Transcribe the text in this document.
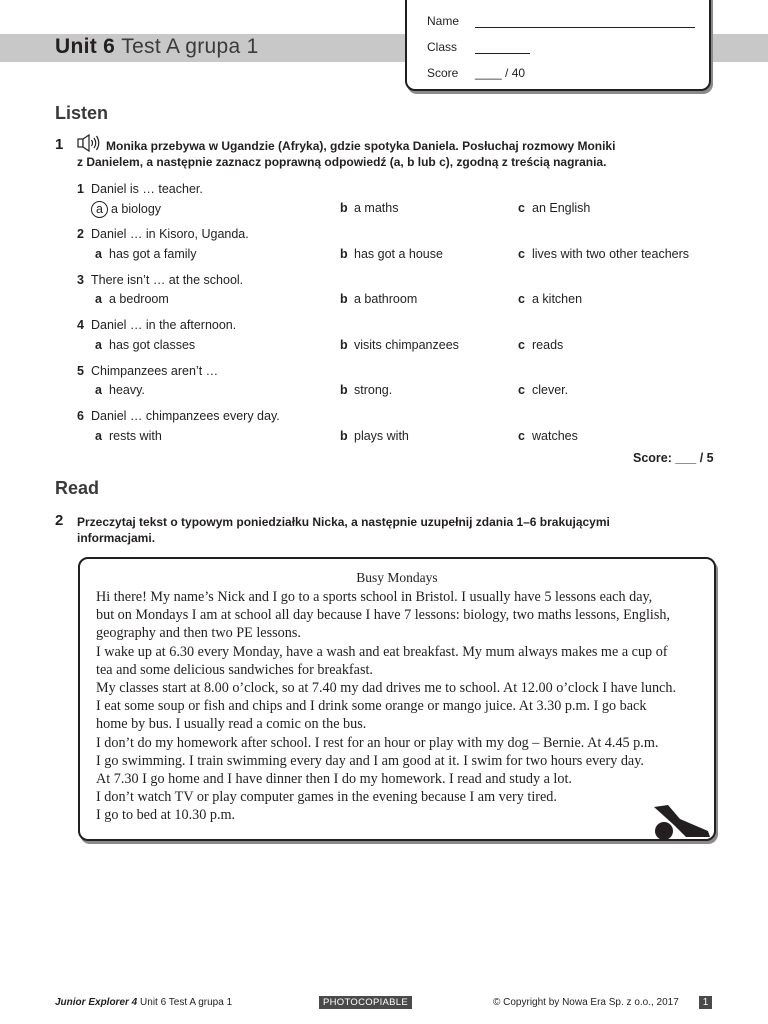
Unit 6 Test A grupa 1
Name
Class
Score ____ / 40
Listen
1	Monika przebywa w Ugandzie (Afryka), gdzie spotyka Daniela. Posłuchaj rozmowy Moniki
z Danielem, a następnie zaznacz poprawną odpowiedź (a, b lub c), zgodną z treścią nagrania.
1 Daniel is … teacher.
a a biology	b a maths	c an English
2 Daniel … in Kisoro, Uganda.
a has got a family	b has got a house	c lives with two other teachers
3 There isn’t … at the school.
a a bedroom	b a bathroom	c a kitchen
4 Daniel … in the afternoon.
a has got classes	b visits chimpanzees	c reads
5 Chimpanzees aren’t …
a heavy.	b strong.	c clever.
6 Daniel … chimpanzees every day.
a rests with	b plays with	c watches
Score: ___ / 5
Read
2 Przeczytaj tekst o typowym poniedziałku Nicka, a następnie uzupełnij zdania 1–6 brakującymi
informacjami.
Busy Mondays
Hi there! My name’s Nick and I go to a sports school in Bristol. I usually have 5 lessons each day,
but on Mondays I am at school all day because I have 7 lessons: biology, two maths lessons, English,
geography and then two PE lessons.
I wake up at 6.30 every Monday, have a wash and eat breakfast. My mum always makes me a cup of
tea and some delicious sandwiches for breakfast.
My classes start at 8.00 o’clock, so at 7.40 my dad drives me to school. At 12.00 o’clock I have lunch.
I eat some soup or fish and chips and I drink some orange or mango juice. At 3.30 p.m. I go back
home by bus. I usually read a comic on the bus.
I don’t do my homework after school. I rest for an hour or play with my dog – Bernie. At 4.45 p.m.
I go swimming. I train swimming every day and I am good at it. I swim for two hours every day.
At 7.30 I go home and I have dinner then I do my homework. I read and study a lot.
I don’t watch TV or play computer games in the evening because I am very tired.
I go to bed at 10.30 p.m.
Junior Explorer 4 Unit 6 Test A grupa 1	PHOTOCOPIABLE	© Copyright by Nowa Era Sp. z o.o., 2017	1
